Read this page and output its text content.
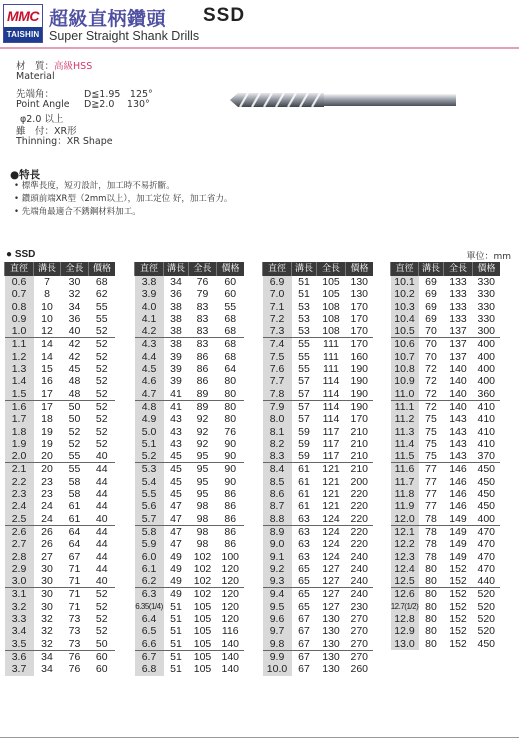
MMC
TAISHIN
超級直柄鑽頭 SSD
Super Straight Shank Drills
材　質：高級HSS
Material
先端角：
Point Angle
D≦1.95　125°
D≧2.0　 130°
φ2.0 以上
雖　付：XR形
Thinning：XR Shape
●特長
• 標準長度，短刃設計，加工時不易折斷。
• 鑽頭前端XR型（2mm以上），加工定位 好，加工省力。
• 先端角最適合不銹鋼材料加工。
● SSD	單位：mm
直徑	溝長	全長	價格
0.6	7	30	68
0.7	8	32	62
0.8	10	34	55
0.9	10	36	55
1.0	12	40	52
1.1	14	42	52
1.2	14	42	52
1.3	15	45	52
1.4	16	48	52
1.5	17	48	52
1.6	17	50	52
1.7	18	50	52
1.8	19	52	52
1.9	19	52	52
2.0	20	55	40
2.1	20	55	44
2.2	23	58	44
2.3	23	58	44
2.4	24	61	44
2.5	24	61	40
2.6	26	64	44
2.7	26	64	44
2.8	27	67	44
2.9	30	71	44
3.0	30	71	40
3.1	30	71	52
3.2	30	71	52
3.3	32	73	52
3.4	32	73	52
3.5	32	73	50
3.6	34	76	60
3.7	34	76	60
直徑	溝長	全長	價格
3.8	34	76	60
3.9	36	79	60
4.0	38	83	55
4.1	38	83	68
4.2	38	83	68
4.3	38	83	68
4.4	39	86	68
4.5	39	86	64
4.6	39	86	80
4.7	41	89	80
4.8	41	89	80
4.9	43	92	80
5.0	43	92	76
5.1	43	92	90
5.2	45	95	90
5.3	45	95	90
5.4	45	95	90
5.5	45	95	86
5.6	47	98	86
5.7	47	98	86
5.8	47	98	86
5.9	47	98	86
6.0	49	102	100
6.1	49	102	120
6.2	49	102	120
6.3	49	102	120
6.35(1/4)	51	105	120
6.4	51	105	120
6.5	51	105	116
6.6	51	105	140
6.7	51	105	140
6.8	51	105	140
直徑	溝長	全長	價格
6.9	51	105	130
7.0	51	105	130
7.1	53	108	170
7.2	53	108	170
7.3	53	108	170
7.4	55	111	170
7.5	55	111	160
7.6	55	111	190
7.7	57	114	190
7.8	57	114	190
7.9	57	114	190
8.0	57	114	170
8.1	59	117	210
8.2	59	117	210
8.3	59	117	210
8.4	61	121	210
8.5	61	121	200
8.6	61	121	220
8.7	61	121	220
8.8	63	124	220
8.9	63	124	220
9.0	63	124	220
9.1	63	124	240
9.2	65	127	240
9.3	65	127	240
9.4	65	127	240
9.5	65	127	230
9.6	67	130	270
9.7	67	130	270
9.8	67	130	270
9.9	67	130	270
10.0	67	130	260
直徑	溝長	全長	價格
10.1	69	133	330
10.2	69	133	330
10.3	69	133	330
10.4	69	133	330
10.5	70	137	300
10.6	70	137	400
10.7	70	137	400
10.8	72	140	400
10.9	72	140	400
11.0	72	140	360
11.1	72	140	410
11.2	75	143	410
11.3	75	143	410
11.4	75	143	410
11.5	75	143	370
11.6	77	146	450
11.7	77	146	450
11.8	77	146	450
11.9	77	146	450
12.0	78	149	400
12.1	78	149	470
12.2	78	149	470
12.3	78	149	470
12.4	80	152	470
12.5	80	152	440
12.6	80	152	520
12.7(1/2)	80	152	520
12.8	80	152	520
12.9	80	152	520
13.0	80	152	450
